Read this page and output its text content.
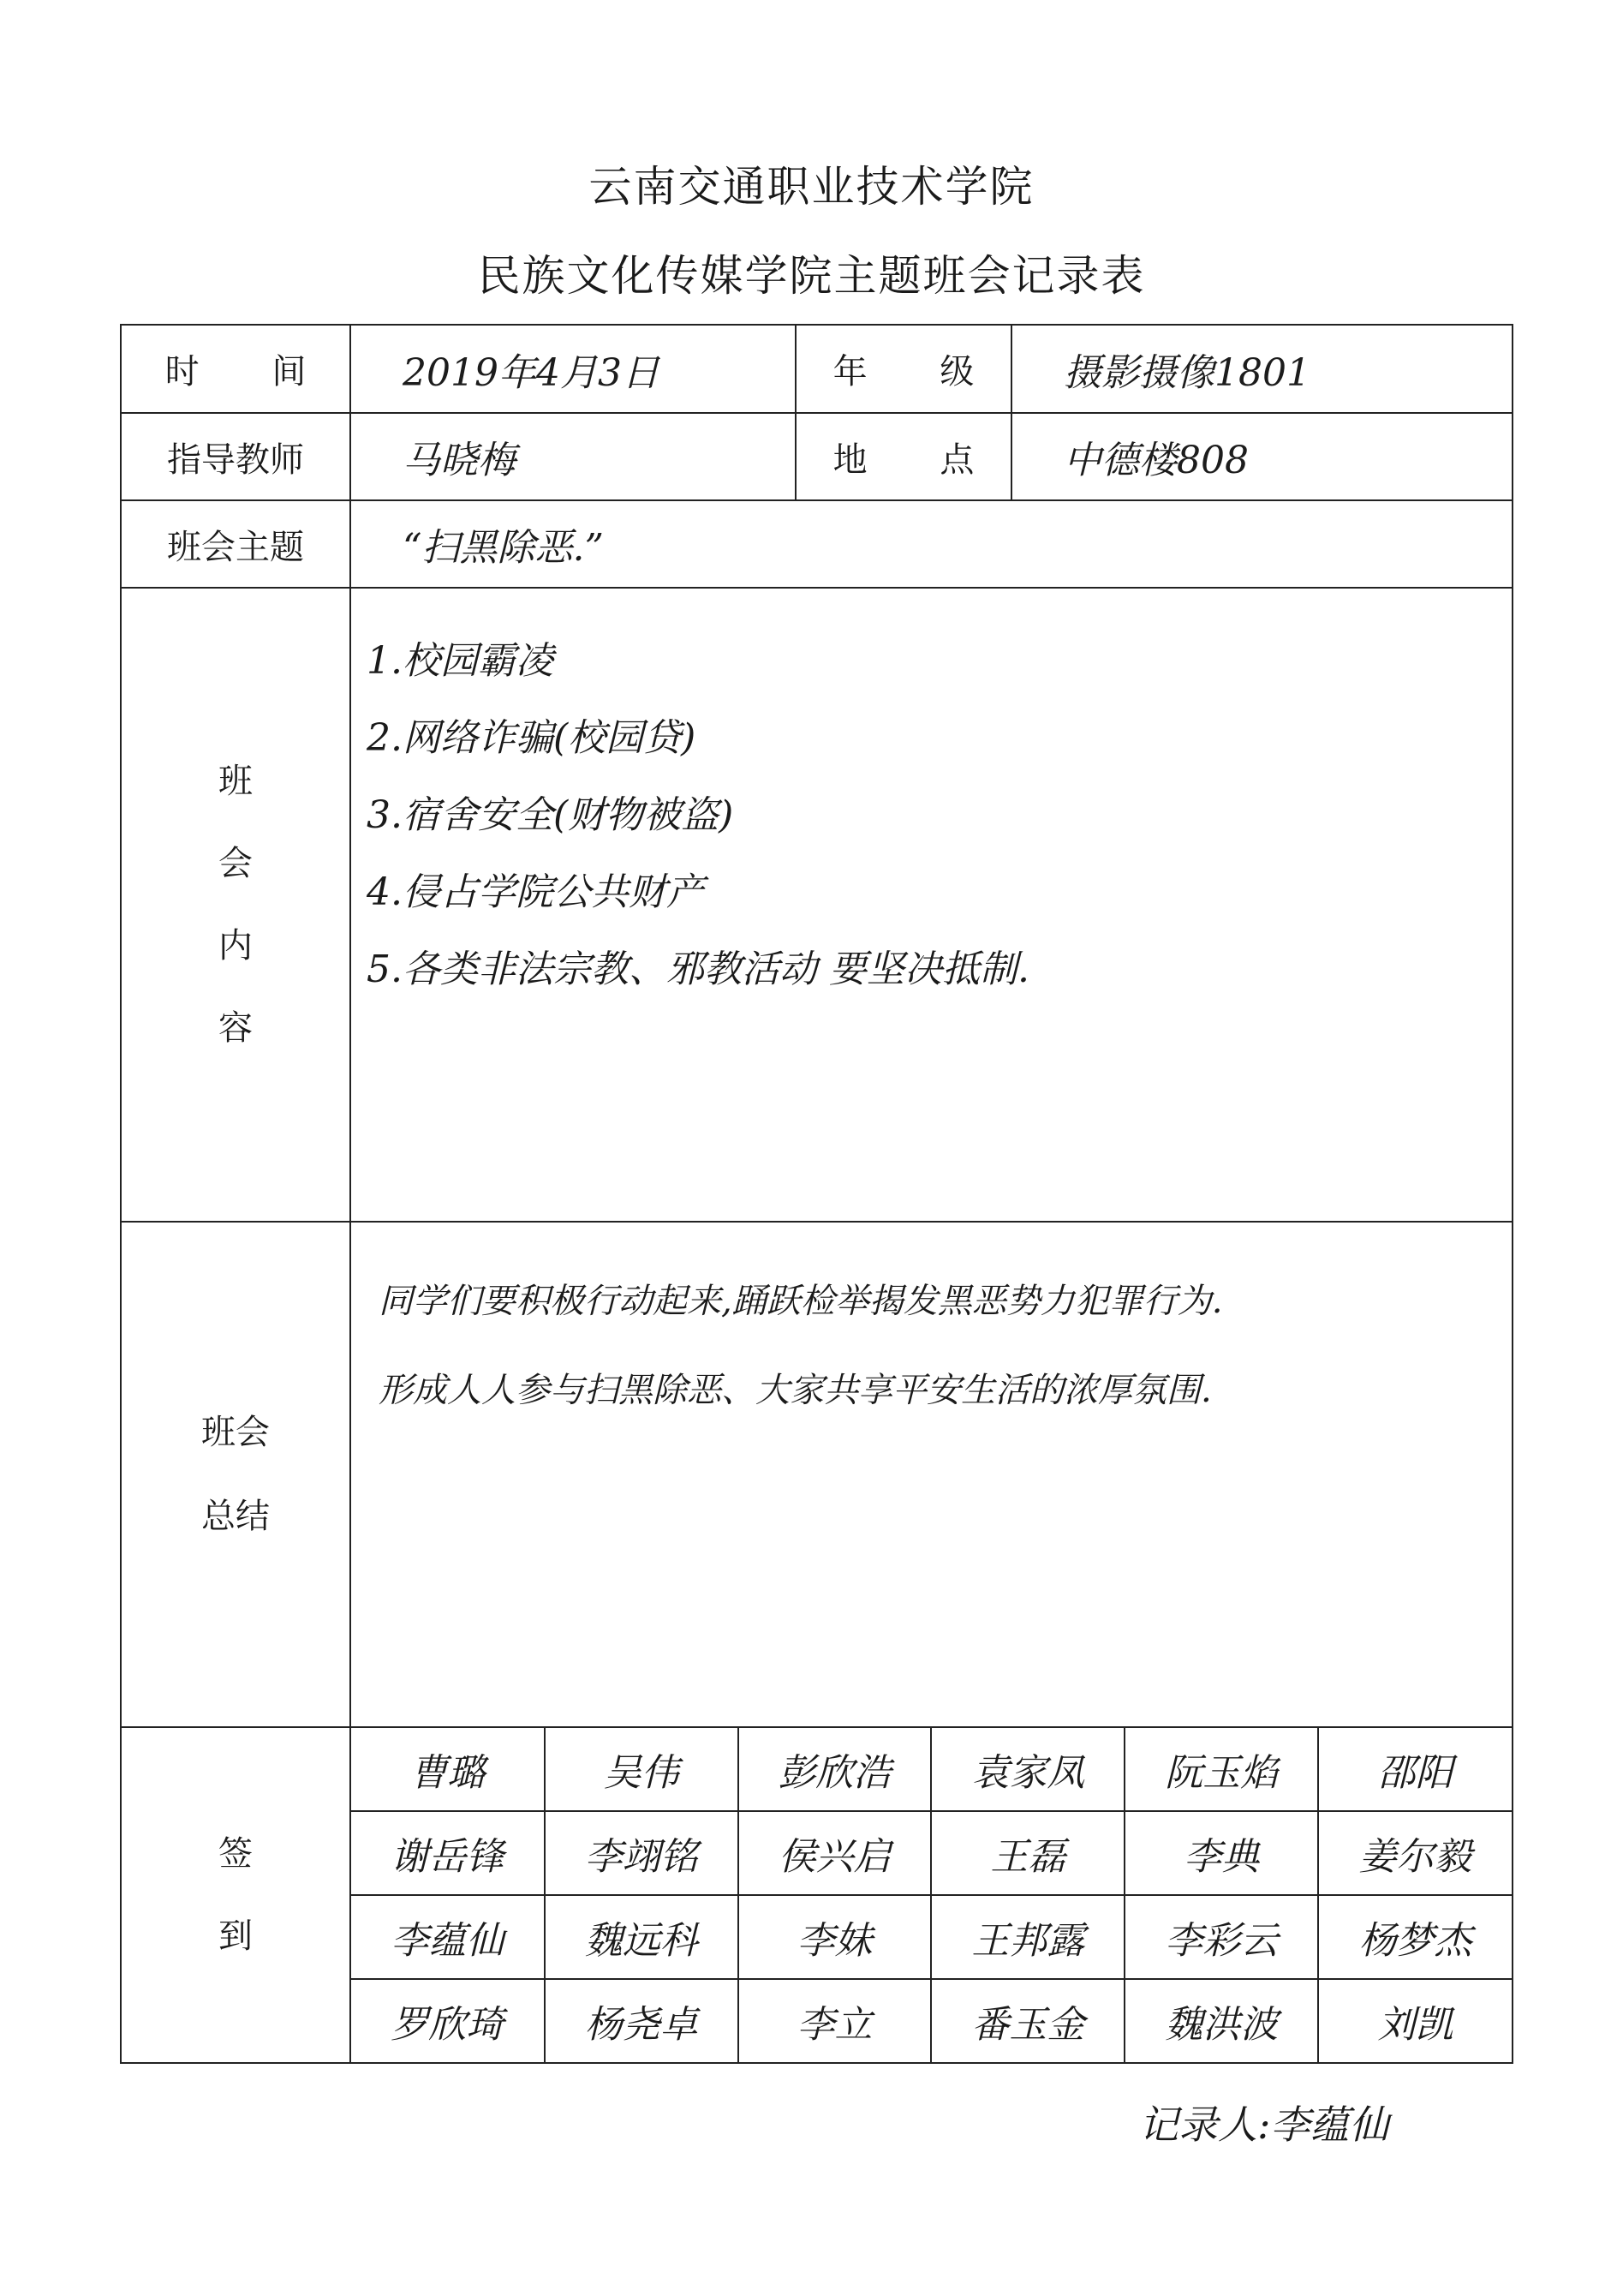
云南交通职业技术学院
民族文化传媒学院主题班会记录表
时 间	2019年4月3日	年 级	摄影摄像1801
指导教师	马晓梅	地 点	中德楼808
班会主题	“扫黑除恶.”

班
会
内
容

1.校园霸凌
2.网络诈骗(校园贷)
3.宿舍安全(财物被盗)
4.侵占学院公共财产
5.各类非法宗教、邪教活动 要坚决抵制.

班会
总结

同学们要积极行动起来,踊跃检举揭发黑恶势力犯罪行为.
形成人人参与扫黑除恶、大家共享平安生活的浓厚氛围.

签
到

曹璐	吴伟	彭欣浩	袁家凤	阮玉焰	邵阳
谢岳锋	李翊铭	侯兴启	王磊	李典	姜尔毅
李蕴仙	魏远科	李妹	王邦露	李彩云	杨梦杰
罗欣琦	杨尧卓	李立	番玉金	魏洪波	刘凯
记录人:李蕴仙
